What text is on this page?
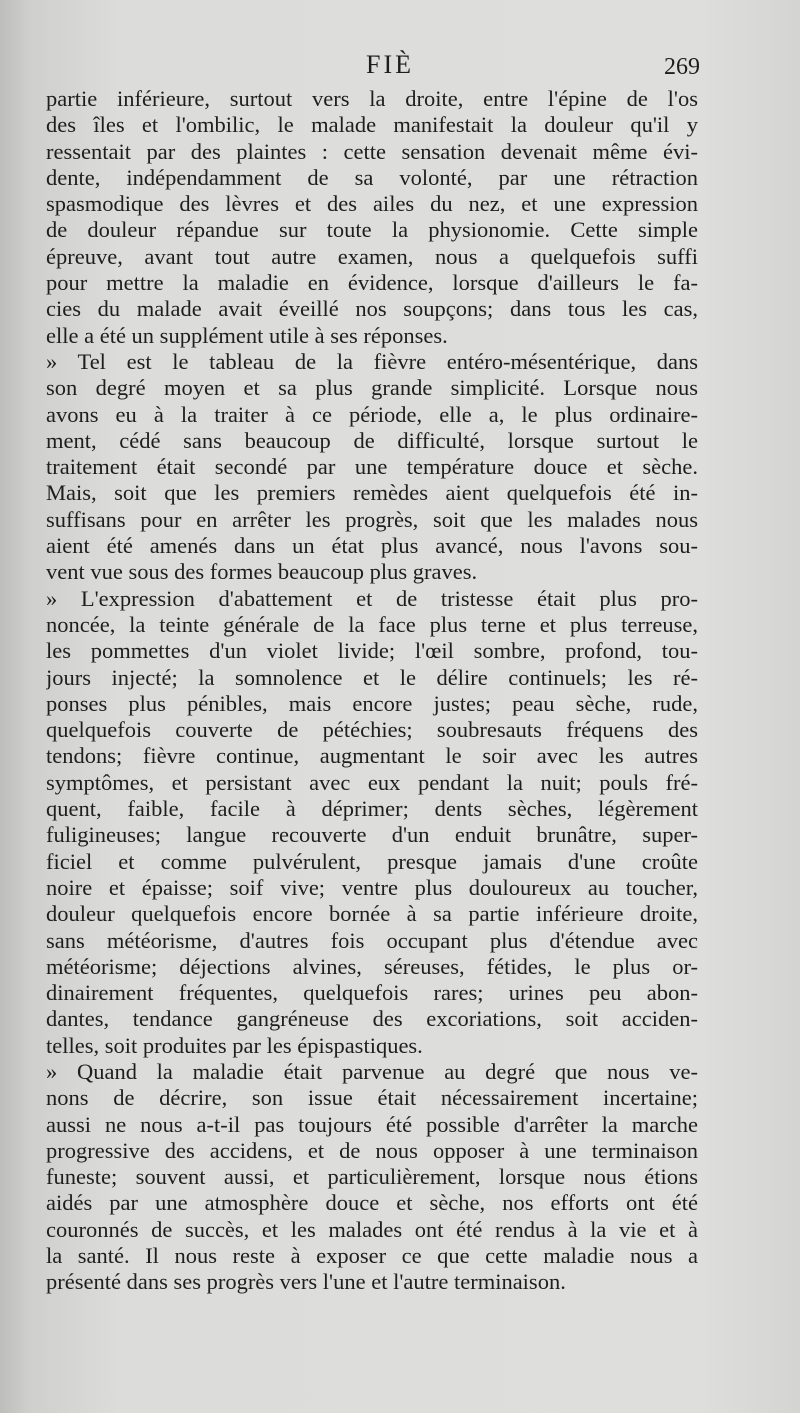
FIÈ	269
partie inférieure, surtout vers la droite, entre l'épine de l'os
des îles et l'ombilic, le malade manifestait la douleur qu'il y
ressentait par des plaintes : cette sensation devenait même évi-
dente, indépendamment de sa volonté, par une rétraction
spasmodique des lèvres et des ailes du nez, et une expression
de douleur répandue sur toute la physionomie. Cette simple
épreuve, avant tout autre examen, nous a quelquefois suffi
pour mettre la maladie en évidence, lorsque d'ailleurs le fa-
cies du malade avait éveillé nos soupçons; dans tous les cas,
elle a été un supplément utile à ses réponses.
» Tel est le tableau de la fièvre entéro-mésentérique, dans
son degré moyen et sa plus grande simplicité. Lorsque nous
avons eu à la traiter à ce période, elle a, le plus ordinaire-
ment, cédé sans beaucoup de difficulté, lorsque surtout le
traitement était secondé par une température douce et sèche.
Mais, soit que les premiers remèdes aient quelquefois été in-
suffisans pour en arrêter les progrès, soit que les malades nous
aient été amenés dans un état plus avancé, nous l'avons sou-
vent vue sous des formes beaucoup plus graves.
» L'expression d'abattement et de tristesse était plus pro-
noncée, la teinte générale de la face plus terne et plus terreuse,
les pommettes d'un violet livide; l'œil sombre, profond, tou-
jours injecté; la somnolence et le délire continuels; les ré-
ponses plus pénibles, mais encore justes; peau sèche, rude,
quelquefois couverte de pétéchies; soubresauts fréquens des
tendons; fièvre continue, augmentant le soir avec les autres
symptômes, et persistant avec eux pendant la nuit; pouls fré-
quent, faible, facile à déprimer; dents sèches, légèrement
fuligineuses; langue recouverte d'un enduit brunâtre, super-
ficiel et comme pulvérulent, presque jamais d'une croûte
noire et épaisse; soif vive; ventre plus douloureux au toucher,
douleur quelquefois encore bornée à sa partie inférieure droite,
sans météorisme, d'autres fois occupant plus d'étendue avec
météorisme; déjections alvines, séreuses, fétides, le plus or-
dinairement fréquentes, quelquefois rares; urines peu abon-
dantes, tendance gangréneuse des excoriations, soit acciden-
telles, soit produites par les épispastiques.
» Quand la maladie était parvenue au degré que nous ve-
nons de décrire, son issue était nécessairement incertaine;
aussi ne nous a-t-il pas toujours été possible d'arrêter la marche
progressive des accidens, et de nous opposer à une terminaison
funeste; souvent aussi, et particulièrement, lorsque nous étions
aidés par une atmosphère douce et sèche, nos efforts ont été
couronnés de succès, et les malades ont été rendus à la vie et à
la santé. Il nous reste à exposer ce que cette maladie nous a
présenté dans ses progrès vers l'une et l'autre terminaison.
